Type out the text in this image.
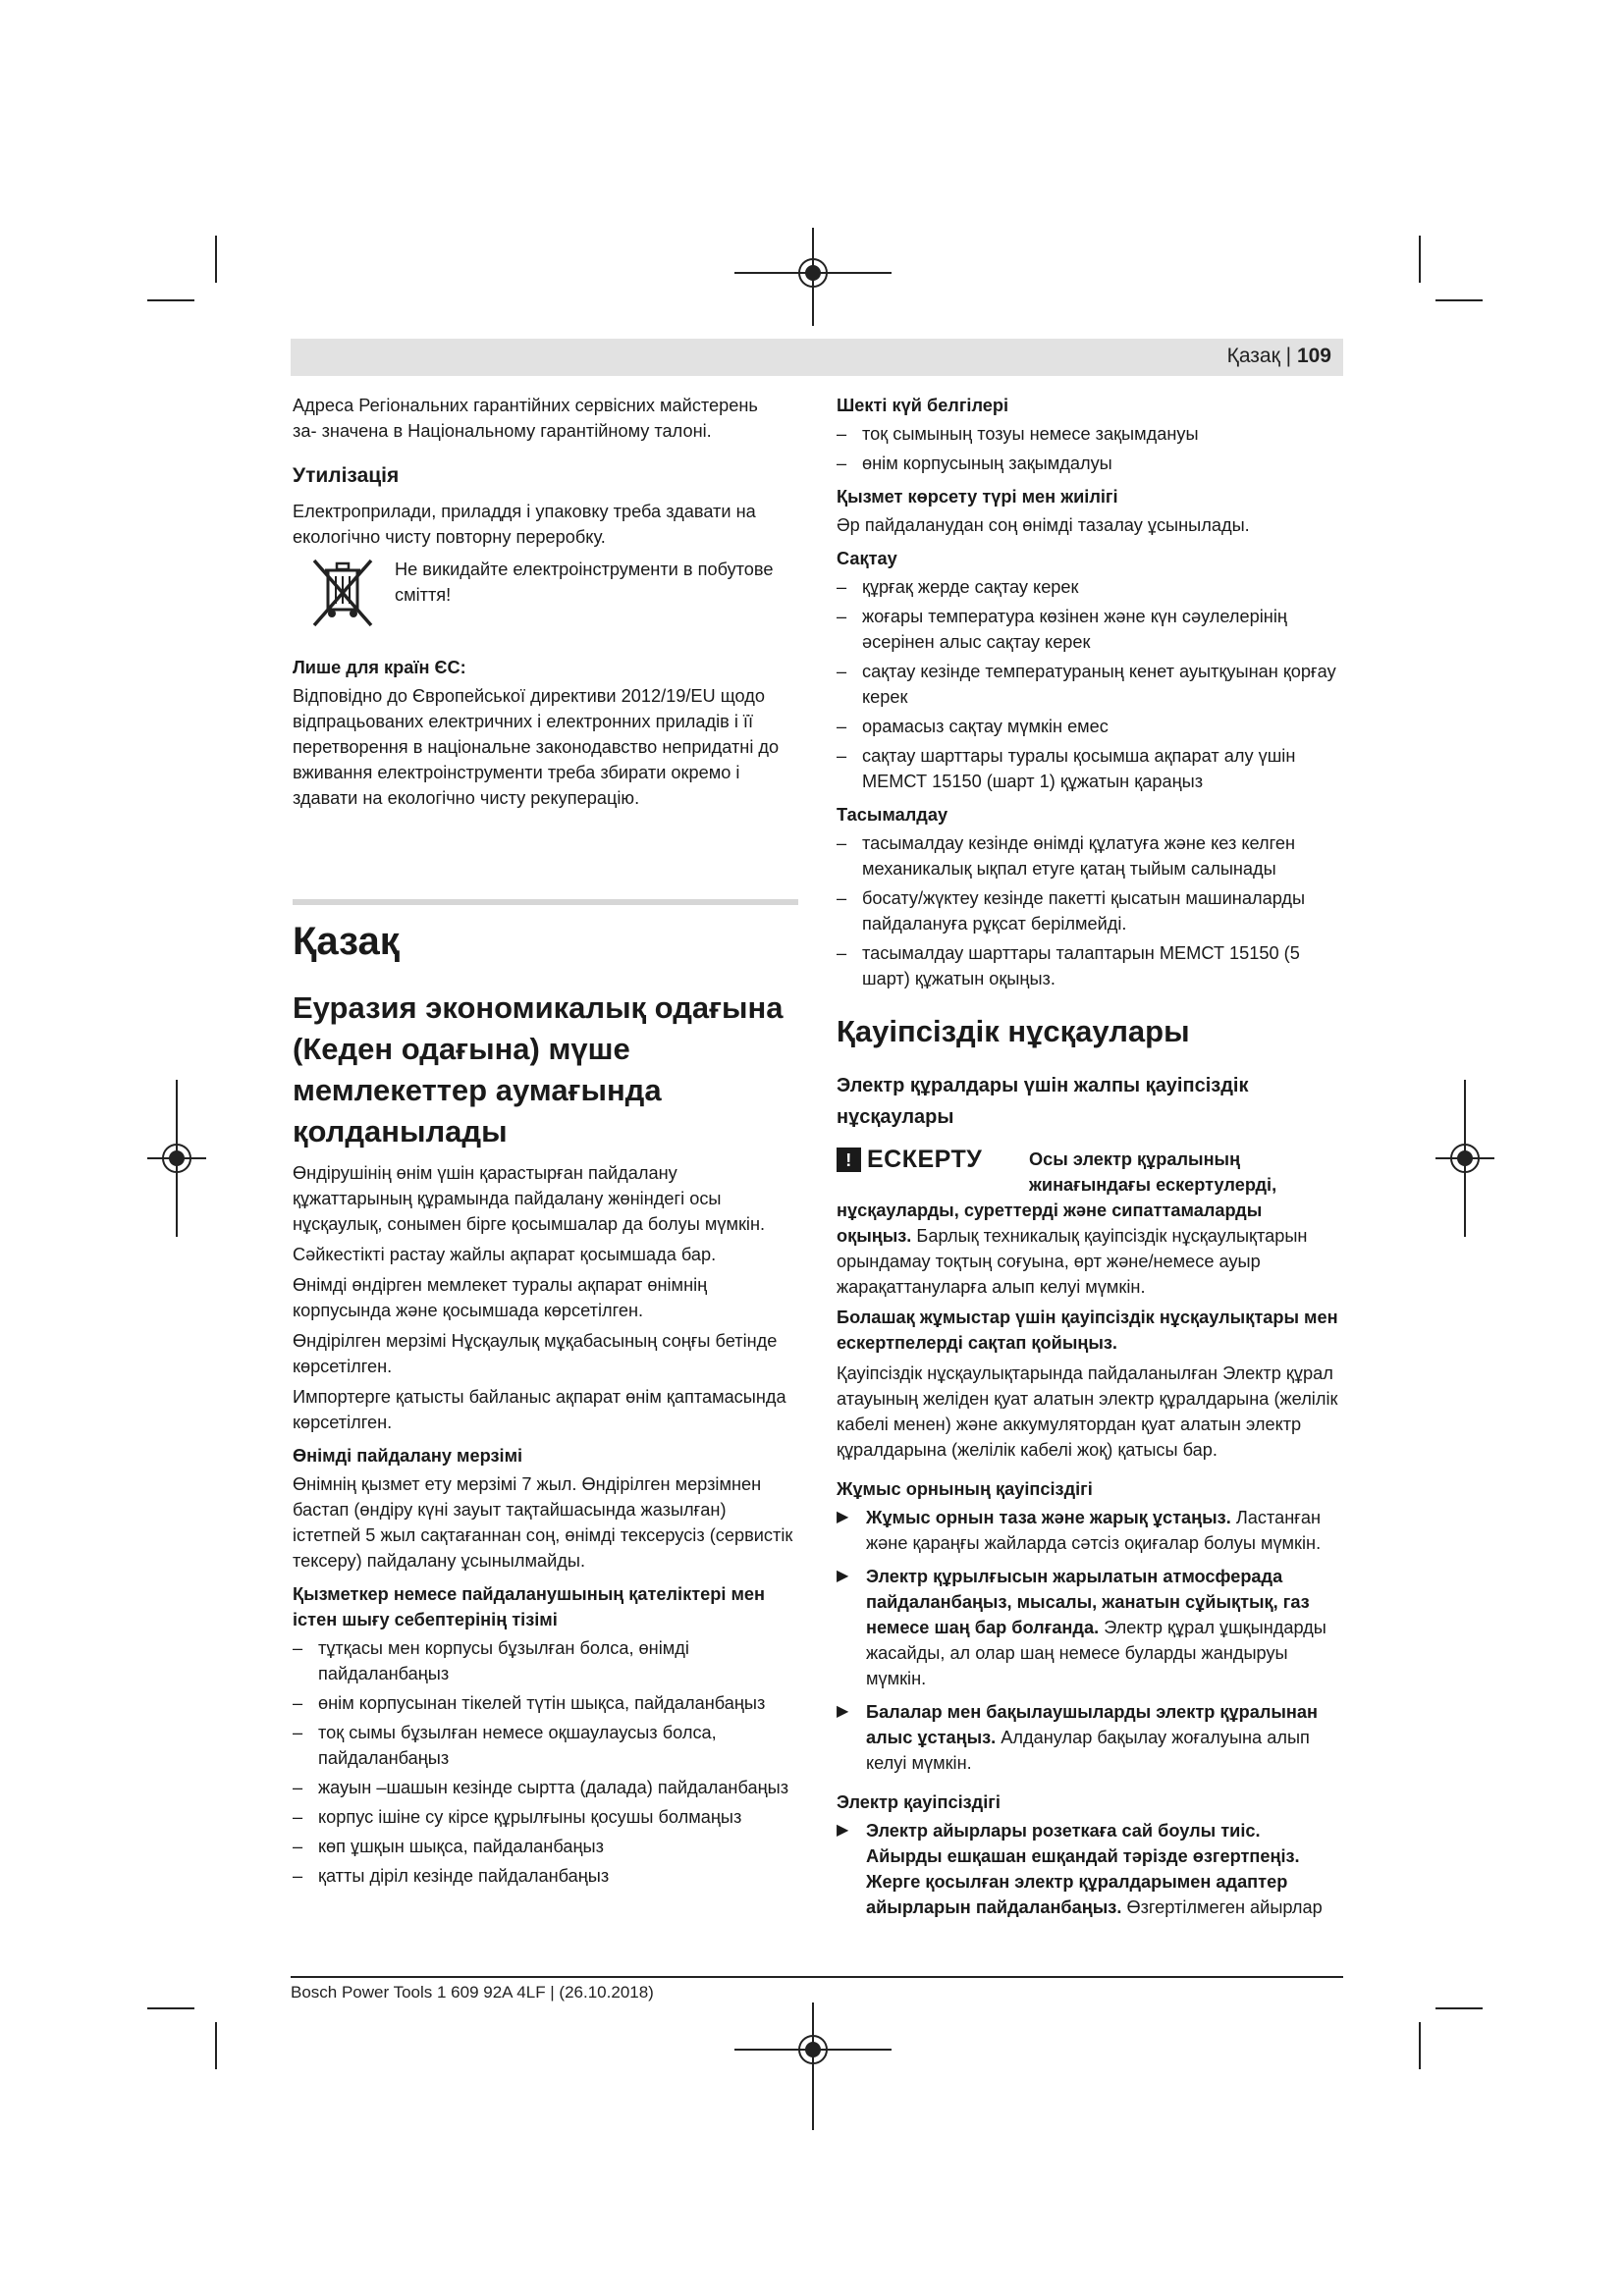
Қазақ | 109

Адреса Регіональних гарантійних сервісних майстерень
за- значена в Національному гарантійному талоні.

Утилізація

Електроприлади, приладдя і упаковку треба здавати на екологічно чисту повторну переробку.

Не викидайте електроінструменти в побутове сміття!

Лише для країн ЄС:

Відповідно до Європейської директиви 2012/19/EU щодо відпрацьованих електричних і електронних приладів і її перетворення в національне законодавство непридатні до вживання електроінструменти треба збирати окремо і здавати на екологічно чисту рекуперацію.

Қазақ
Еуразия экономикалық одағына (Кеден одағына) мүше мемлекеттер аумағында қолданылады

Өндірушінің өнім үшін қарастырған пайдалану құжаттарының құрамында пайдалану жөніндегі осы нұсқаулық, сонымен бірге қосымшалар да болуы мүмкін.

Сәйкестікті растау жайлы ақпарат қосымшада бар.

Өнімді өндірген мемлекет туралы ақпарат өнімнің корпусында және қосымшада көрсетілген.

Өндірілген мерзімі Нұсқаулық мұқабасының соңғы бетінде көрсетілген.

Импортерге қатысты байланыс ақпарат өнім қаптамасында көрсетілген.

Өнімді пайдалану мерзімі

Өнімнің қызмет ету мерзімі 7 жыл. Өндірілген мерзімнен бастап (өндіру күні зауыт тақтайшасында жазылған) істетпей 5 жыл сақтағаннан соң, өнімді тексерусіз (сервистік тексеру) пайдалану ұсынылмайды.

Қызметкер немесе пайдаланушының қателіктері мен істен шығу себептерінің тізімі
– тұтқасы мен корпусы бұзылған болса, өнімді пайдаланбаңыз
– өнім корпусынан тікелей түтін шықса, пайдаланбаңыз
– тоқ сымы бұзылған немесе оқшаулаусыз болса, пайдаланбаңыз
– жауын –шашын кезінде сыртта (далада) пайдаланбаңыз
– корпус ішіне су кірсе құрылғыны қосушы болмаңыз
– көп ұшқын шықса, пайдаланбаңыз
– қатты діріл кезінде пайдаланбаңыз
Шекті күй белгілері
– тоқ сымының тозуы немесе зақымдануы
– өнім корпусының зақымдалуы
Қызмет көрсету түрі мен жиілігі

Әр пайдаланудан соң өнімді тазалау ұсынылады.

Сақтау
– құрғақ жерде сақтау керек
– жоғары температура көзінен және күн сәулелерінің әсерінен алыс сақтау керек
– сақтау кезінде температураның кенет ауытқуынан қорғау керек
– орамасыз сақтау мүмкін емес
– сақтау шарттары туралы қосымша ақпарат алу үшін МЕМСТ 15150 (шарт 1) құжатын қараңыз
Тасымалдау
– тасымалдау кезінде өнімді құлатуға және кез келген механикалық ықпал етуге қатаң тыйым салынады
– босату/жүктеу кезінде пакетті қысатын машиналарды пайдалануға рұқсат берілмейді.
– тасымалдау шарттары талаптарын МЕМСТ 15150 (5 шарт) құжатын оқыңыз.
Қауіпсіздік нұсқаулары
Электр құралдары үшін жалпы қауіпсіздік нұсқаулары
! ЕСКЕРТУ	Осы электр құралының жинағындағы ескертулерді,

нұсқауларды, суреттерді және сипаттамаларды оқыңыз. Барлық техникалық қауіпсіздік нұсқаулықтарын орындамау тоқтың соғуына, өрт және/немесе ауыр жарақаттануларға алып келуі мүмкін.

Болашақ жұмыстар үшін қауіпсіздік нұсқаулықтары мен ескертпелерді сақтап қойыңыз.

Қауіпсіздік нұсқаулықтарында пайдаланылған Электр құрал атауының желіден қуат алатын электр құралдарына (желілік кабелі менен) және аккумулятордан қуат алатын электр құралдарына (желілік кабелі жоқ) қатысы бар.

Жұмыс орнының қауіпсіздігі
▶ Жұмыс орнын таза және жарық ұстаңыз. Ластанған және қараңғы жайларда сәтсіз оқиғалар болуы мүмкін.
▶ Электр құрылғысын жарылатын атмосферада пайдаланбаңыз, мысалы, жанатын сұйықтық, газ немесе шаң бар болғанда. Электр құрал ұшқындарды жасайды, ал олар шаң немесе буларды жандыруы мүмкін.
▶ Балалар мен бақылаушыларды электр құралынан алыс ұстаңыз. Алданулар бақылау жоғалуына алып келуі мүмкін.
Электр қауіпсіздігі
▶ Электр айырлары розеткаға сай боулы тиіс. Айырды ешқашан ешқандай тәрізде өзгертпеңіз. Жерге қосылған электр құралдарымен адаптер айырларын пайдаланбаңыз. Өзгертілмеген айырлар
Bosch Power Tools 1 609 92A 4LF | (26.10.2018)
